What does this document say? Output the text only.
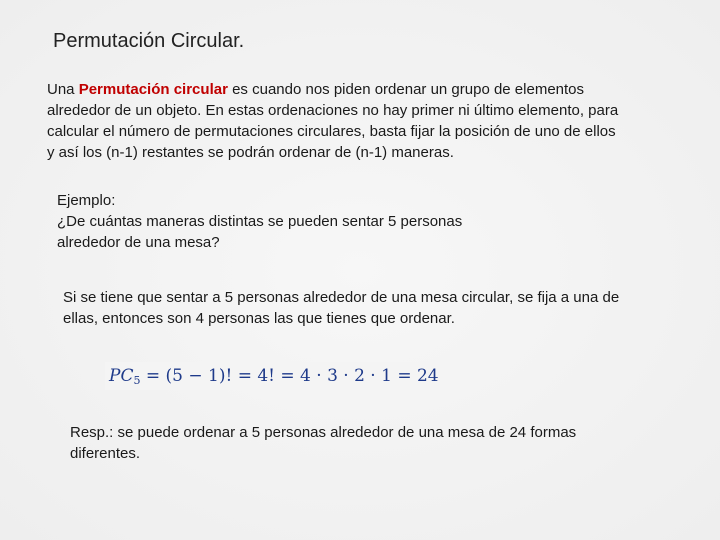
Permutación Circular.
Una Permutación circular es cuando nos piden ordenar un grupo de elementos alrededor de un objeto. En estas ordenaciones no hay primer ni último elemento, para calcular el número de permutaciones circulares, basta fijar la posición de uno de ellos y así los (n-1) restantes se podrán ordenar de (n-1) maneras.
Ejemplo:
¿De cuántas maneras distintas se pueden sentar 5 personas alrededor de una mesa?
Si se tiene que sentar a 5 personas alrededor de una mesa circular, se fija a una de ellas, entonces son 4 personas las que tienes que ordenar.
$PC_5 = (5 - 1)$! = 4! = 4 · 3 · 2 · 1 = 24
Resp.: se puede ordenar a 5 personas alrededor de una mesa de 24 formas diferentes.
